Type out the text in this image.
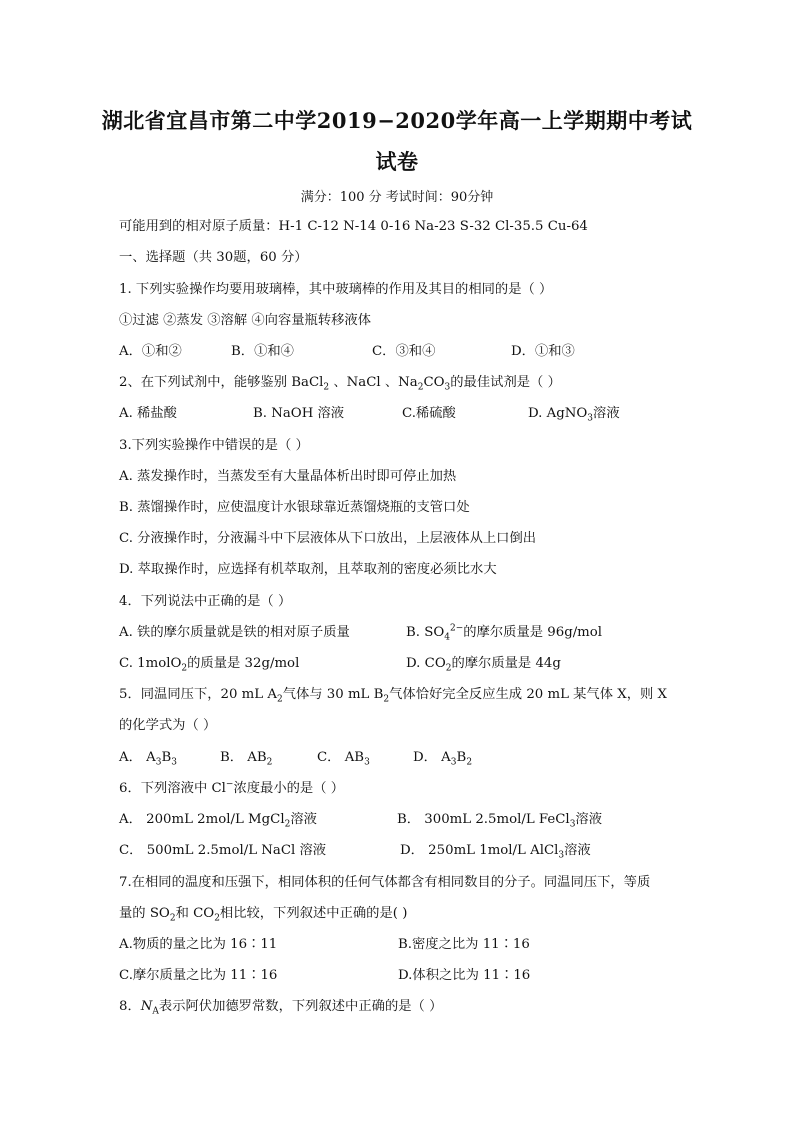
湖北省宜昌市第二中学2019−2020学年高一上学期期中考试
试卷
满分：100 分 考试时间：90分钟
可能用到的相对原子质量：H-1 C-12 N-14 0-16 Na-23 S-32 Cl-35.5 Cu-64
一、选择题（共 30题，60 分）
1. 下列实验操作均要用玻璃棒，其中玻璃棒的作用及其目的相同的是（ ）
①过滤 ②蒸发 ③溶解 ④向容量瓶转移液体
A．①和②	B．①和④	C．③和④	D．①和③
2、在下列试剂中，能够鉴别 BaCl$_2$ 、NaCl 、$Na_2CO_3$的最佳试剂是（ ）
A. 稀盐酸	B. NaOH 溶液	C.稀硫酸	D. AgNO$_3$溶液
3.下列实验操作中错误的是（ ）
A. 蒸发操作时，当蒸发至有大量晶体析出时即可停止加热
B. 蒸馏操作时，应使温度计水银球靠近蒸馏烧瓶的支管口处
C. 分液操作时，分液漏斗中下层液体从下口放出，上层液体从上口倒出
D. 萃取操作时，应选择有机萃取剂，且萃取剂的密度必须比水大
4．下列说法中正确的是（ ）
A. 铁的摩尔质量就是铁的相对原子质量	B. $SO_4^{2-}$的摩尔质量是 96g/mol
C. 1molO$_2$的质量是 32g/mol	D. $CO_2$的摩尔质量是 44g
5．同温同压下，20 mL $A_2$气体与 30 mL $B_2$气体恰好完全反应生成 20 mL 某气体 X，则 X
的化学式为（ ）
A． $A_3B_3$	B． $AB_2$	C． $AB_3$	D． $A_3B_2$
6．下列溶液中 Cl−浓度最小的是（ ）
A． 200mL 2mol/L MgCl$_2$溶液	B． 300mL 2.5mol/L FeCl$_3$溶液
C． 500mL 2.5mol/L NaCl 溶液	D． 250mL 1mol/L AlCl$_3$溶液
7.在相同的温度和压强下，相同体积的任何气体都含有相同数目的分子。同温同压下，等质
量的 $SO_2$和 $CO_2$相比较，下列叙述中正确的是( )
A.物质的量之比为 16∶11	B.密度之比为 11∶16
C.摩尔质量之比为 11∶16	D.体积之比为 11∶16
8．$N_A$表示阿伏加德罗常数，下列叙述中正确的是（ ）
